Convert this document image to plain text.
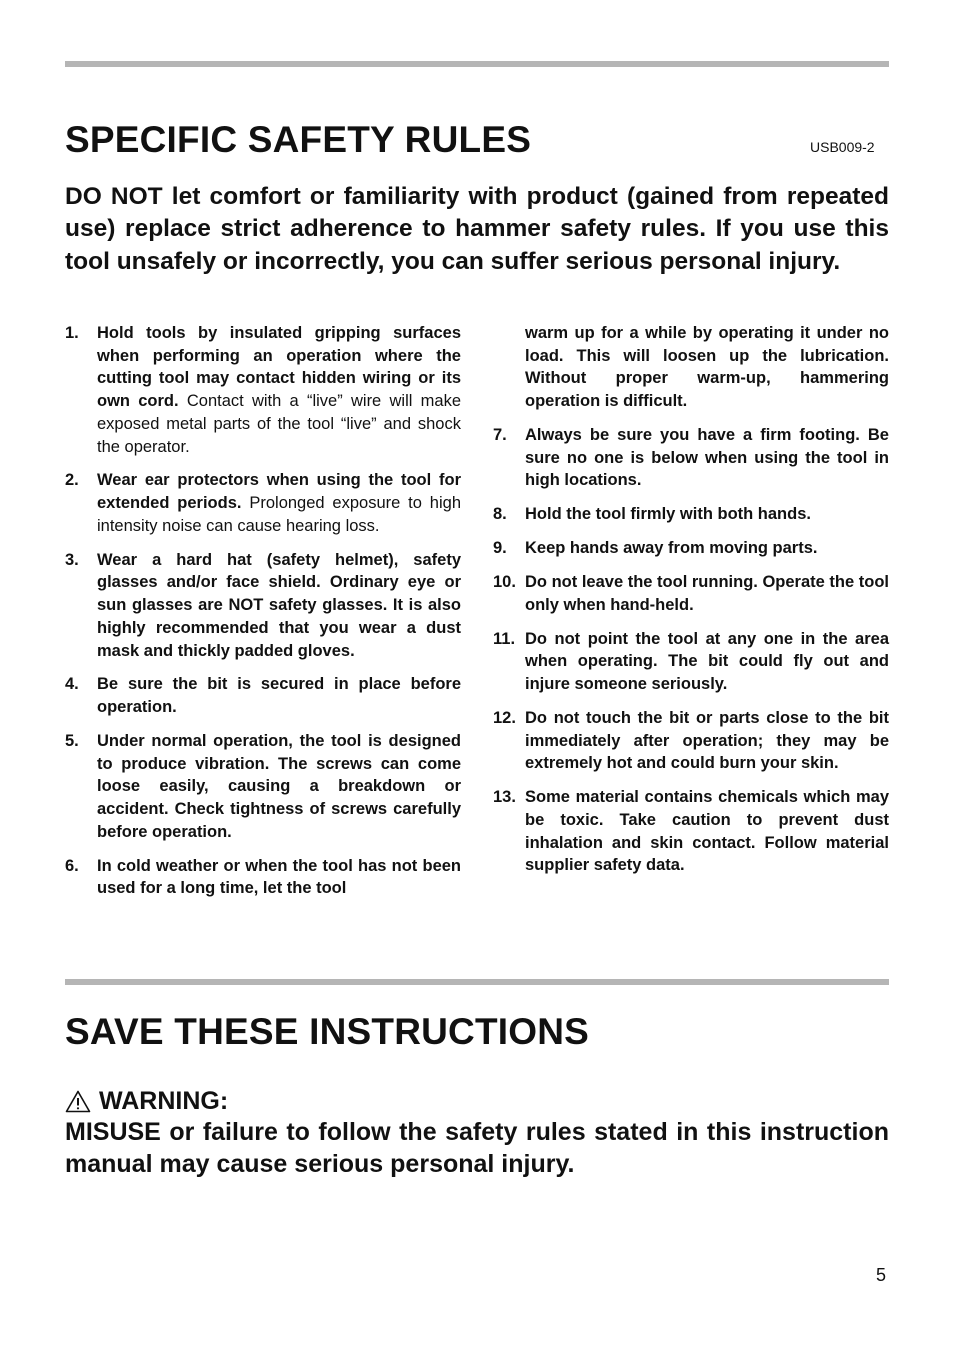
SPECIFIC SAFETY RULES	USB009-2

DO NOT let comfort or familiarity with product (gained from repeated use) replace strict adherence to hammer safety rules. If you use this tool unsafely or incorrectly, you can suffer serious personal injury.

1. Hold tools by insulated gripping surfaces when performing an operation where the cutting tool may contact hidden wiring or its own cord. Contact with a “live” wire will make exposed metal parts of the tool “live” and shock the operator.
2. Wear ear protectors when using the tool for extended periods. Prolonged exposure to high intensity noise can cause hearing loss.
3. Wear a hard hat (safety helmet), safety glasses and/or face shield. Ordinary eye or sun glasses are NOT safety glasses. It is also highly recommended that you wear a dust mask and thickly padded gloves.
4. Be sure the bit is secured in place before operation.
5. Under normal operation, the tool is designed to produce vibration. The screws can come loose easily, causing a breakdown or accident. Check tightness of screws carefully before operation.
6. In cold weather or when the tool has not been used for a long time, let the tool
warm up for a while by operating it under no load. This will loosen up the lubrication. Without proper warm-up, hammering operation is difficult.
7. Always be sure you have a firm footing. Be sure no one is below when using the tool in high locations.
8. Hold the tool firmly with both hands.
9. Keep hands away from moving parts.
10. Do not leave the tool running. Operate the tool only when hand-held.
11. Do not point the tool at any one in the area when operating. The bit could fly out and injure someone seriously.
12. Do not touch the bit or parts close to the bit immediately after operation; they may be extremely hot and could burn your skin.
13. Some material contains chemicals which may be toxic. Take caution to prevent dust inhalation and skin contact. Follow material supplier safety data.
SAVE THESE INSTRUCTIONS
WARNING:

MISUSE or failure to follow the safety rules stated in this instruction manual may cause serious personal injury.

5
